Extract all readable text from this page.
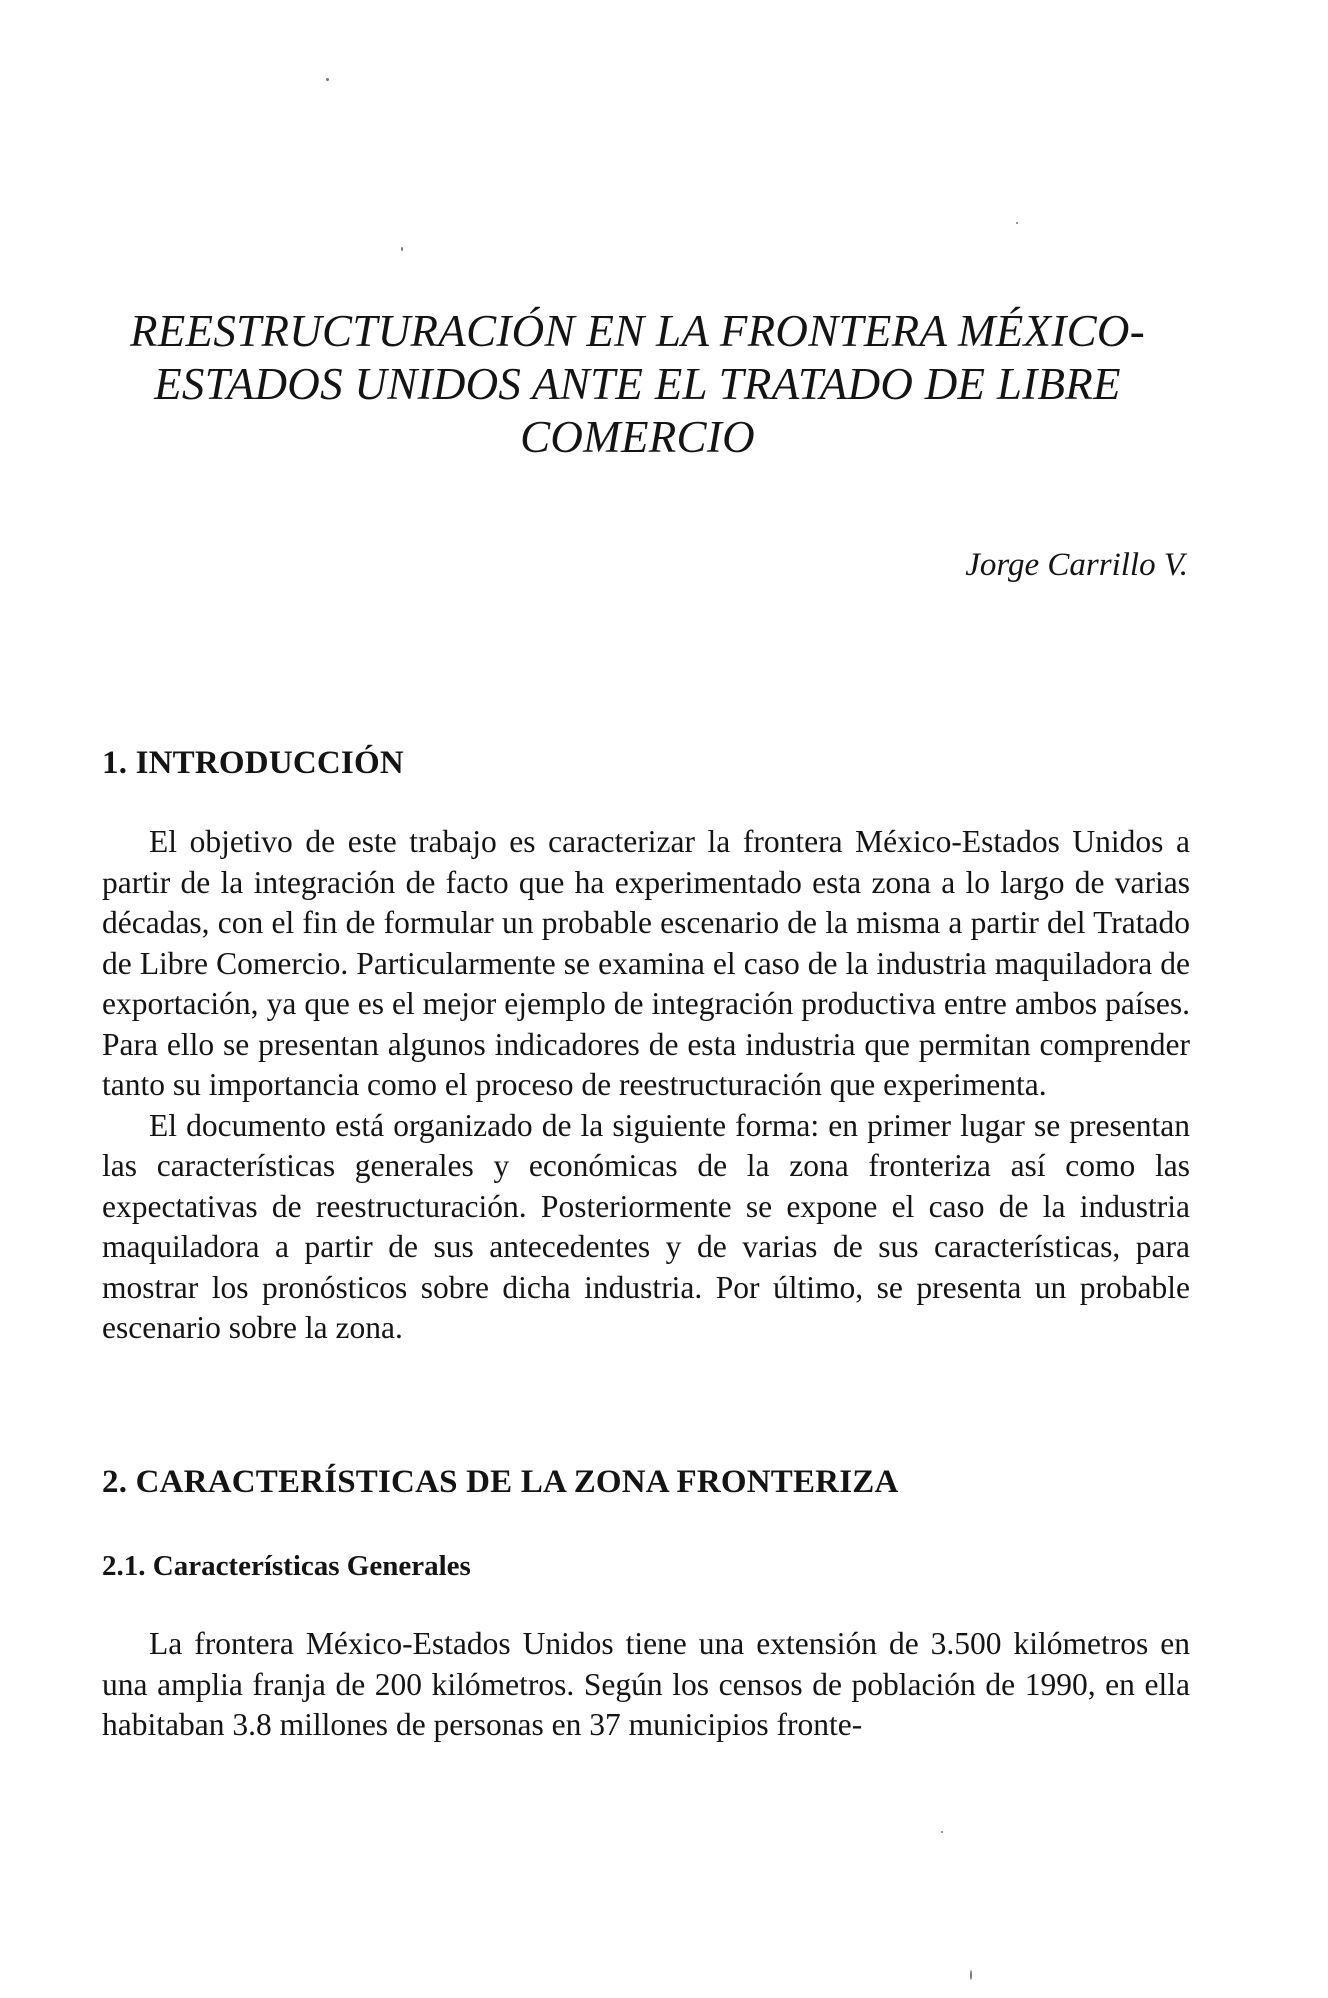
REESTRUCTURACIÓN EN LA FRONTERA MÉXICO-
ESTADOS UNIDOS ANTE EL TRATADO DE LIBRE
COMERCIO

Jorge Carrillo V.

1. INTRODUCCIÓN

El objetivo de este trabajo es caracterizar la frontera México-Estados Unidos a partir de la integración de facto que ha experimentado esta zona a lo largo de varias décadas, con el fin de formular un probable escenario de la misma a partir del Tratado de Libre Comercio. Particularmente se examina el caso de la industria maquiladora de exportación, ya que es el mejor ejemplo de integración productiva entre ambos países. Para ello se presentan algunos indicadores de esta industria que permitan comprender tanto su importancia como el proceso de reestructuración que experimenta.

El documento está organizado de la siguiente forma: en primer lugar se presentan las características generales y económicas de la zona fronteriza así como las expectativas de reestructuración. Posteriormente se expone el caso de la industria maquiladora a partir de sus antecedentes y de varias de sus características, para mostrar los pronósticos sobre dicha industria. Por último, se presenta un probable escenario sobre la zona.

2. CARACTERÍSTICAS DE LA ZONA FRONTERIZA
2.1. Características Generales

La frontera México-Estados Unidos tiene una extensión de 3.500 kilómetros en una amplia franja de 200 kilómetros. Según los censos de población de 1990, en ella habitaban 3.8 millones de personas en 37 municipios fronte-
